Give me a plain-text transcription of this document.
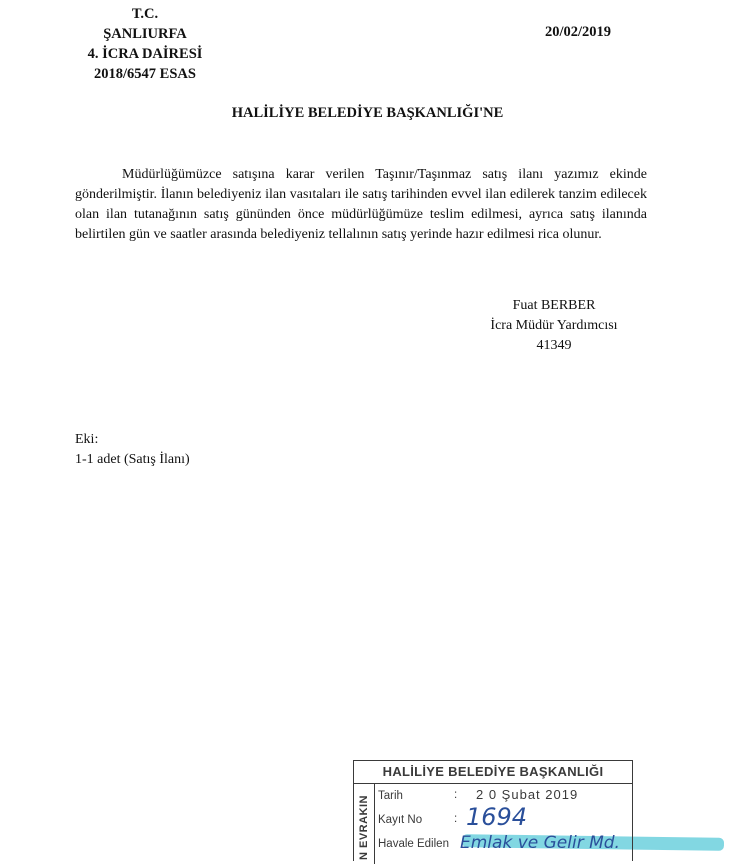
T.C.
ŞANLIURFA
4. İCRA DAİRESİ
2018/6547 ESAS
20/02/2019
HALİLİYE BELEDİYE BAŞKANLIĞI'NE
Müdürlüğümüzce satışına karar verilen Taşınır/Taşınmaz satış ilanı yazımız ekinde gönderilmiştir. İlanın belediyeniz ilan vasıtaları ile satış tarihinden evvel ilan edilerek tanzim edilecek olan ilan tutanağının satış gününden önce müdürlüğümüze teslim edilmesi, ayrıca satış ilanında belirtilen gün ve saatler arasında belediyeniz tellalının satış yerinde hazır edilmesi rica olunur.
Fuat BERBER
İcra Müdür Yardımcısı
41349
Eki:
1-1 adet (Satış İlanı)
HALİLİYE BELEDİYE BAŞKANLIĞI
N EVRAKIN Tarih	: 2 0 Şubat 2019
Kayıt No	: 1694
Havale Edilen Emlak ve Gelir Md.
